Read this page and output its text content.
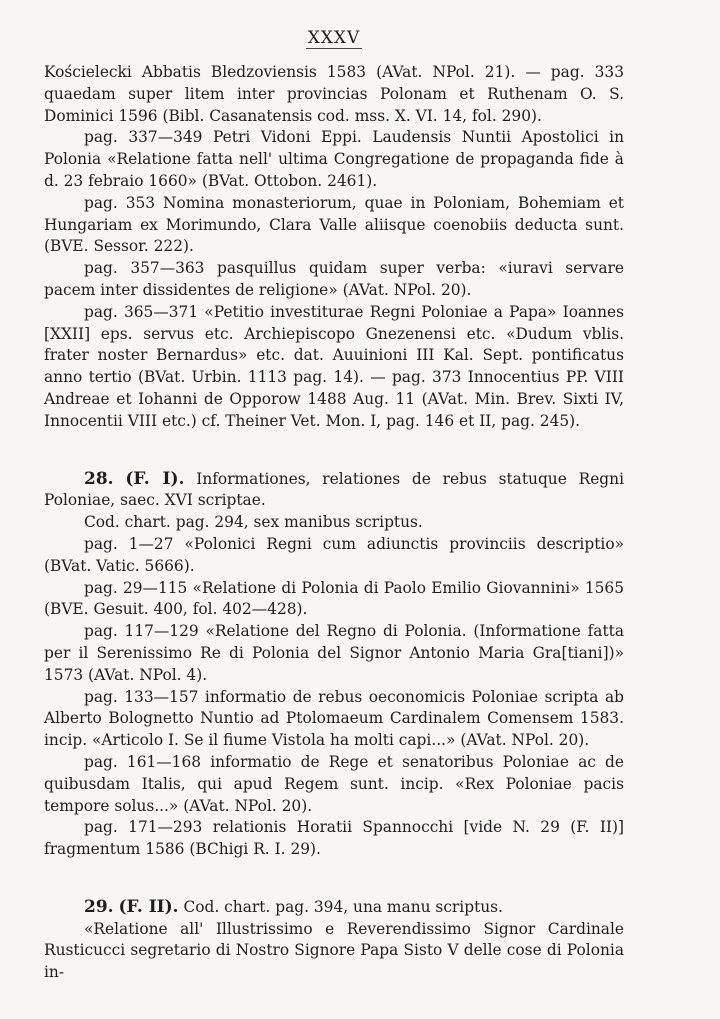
XXXV

Kościelecki Abbatis Bledzoviensis 1583 (AVat. NPol. 21). — pag. 333 quaedam super litem inter provincias Polonam et Ruthenam O. S. Dominici 1596 (Bibl. Casanatensis cod. mss. X. VI. 14, fol. 290).

pag. 337—349 Petri Vidoni Eppi. Laudensis Nuntii Apostolici in Polonia «Relatione fatta nell' ultima Congregatione de propaganda fide à d. 23 febraio 1660» (BVat. Ottobon. 2461).

pag. 353 Nomina monasteriorum, quae in Poloniam, Bohemiam et Hungariam ex Morimundo, Clara Valle aliisque coenobiis deducta sunt. (BVE. Sessor. 222).

pag. 357—363 pasquillus quidam super verba: «iuravi servare pacem inter dissidentes de religione» (AVat. NPol. 20).

pag. 365—371 «Petitio investiturae Regni Poloniae a Papa» Ioannes [XXII] eps. servus etc. Archiepiscopo Gnezenensi etc. «Dudum vblis. frater noster Bernardus» etc. dat. Auuinioni III Kal. Sept. pontificatus anno tertio (BVat. Urbin. 1113 pag. 14). — pag. 373 Innocentius PP. VIII Andreae et Iohanni de Opporow 1488 Aug. 11 (AVat. Min. Brev. Sixti IV, Innocentii VIII etc.) cf. Theiner Vet. Mon. I, pag. 146 et II, pag. 245).

28. (F. I). Informationes, relationes de rebus statuque Regni Poloniae, saec. XVI scriptae.

Cod. chart. pag. 294, sex manibus scriptus.

pag. 1—27 «Polonici Regni cum adiunctis provinciis descriptio» (BVat. Vatic. 5666).

pag. 29—115 «Relatione di Polonia di Paolo Emilio Giovannini» 1565 (BVE. Gesuit. 400, fol. 402—428).

pag. 117—129 «Relatione del Regno di Polonia. (Informatione fatta per il Serenissimo Re di Polonia del Signor Antonio Maria Gra[tiani])» 1573 (AVat. NPol. 4).

pag. 133—157 informatio de rebus oeconomicis Poloniae scripta ab Alberto Bolognetto Nuntio ad Ptolomaeum Cardinalem Comensem 1583. incip. «Articolo I. Se il fiume Vistola ha molti capi...» (AVat. NPol. 20).

pag. 161—168 informatio de Rege et senatoribus Poloniae ac de quibusdam Italis, qui apud Regem sunt. incip. «Rex Poloniae pacis tempore solus...» (AVat. NPol. 20).

pag. 171—293 relationis Horatii Spannocchi [vide N. 29 (F. II)] fragmentum 1586 (BChigi R. I. 29).

29. (F. II). Cod. chart. pag. 394, una manu scriptus.

«Relatione all' Illustrissimo e Reverendissimo Signor Cardinale Rusticucci segretario di Nostro Signore Papa Sisto V delle cose di Polonia in-
